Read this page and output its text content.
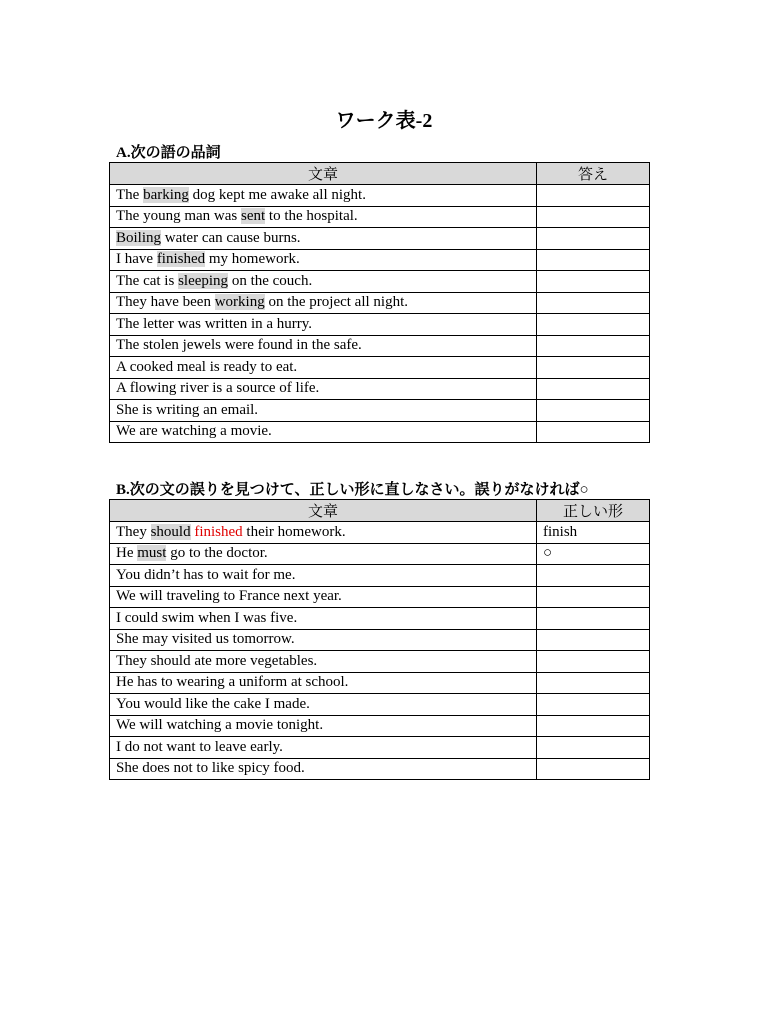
ワーク表-2
A.次の語の品詞
文章	答え
The barking dog kept me awake all night.	
The young man was sent to the hospital.	
Boiling water can cause burns.	
I have finished my homework.	
The cat is sleeping on the couch.	
They have been working on the project all night.	
The letter was written in a hurry.	
The stolen jewels were found in the safe.	
A cooked meal is ready to eat.	
A flowing river is a source of life.	
She is writing an email.	
We are watching a movie.	
B.次の文の誤りを見つけて、正しい形に直しなさい。誤りがなければ○
文章	正しい形
They should finished their homework.	finish
He must go to the doctor.	○
You didn’t has to wait for me.	
We will traveling to France next year.	
I could swim when I was five.	
She may visited us tomorrow.	
They should ate more vegetables.	
He has to wearing a uniform at school.	
You would like the cake I made.	
We will watching a movie tonight.	
I do not want to leave early.	
She does not to like spicy food.	
